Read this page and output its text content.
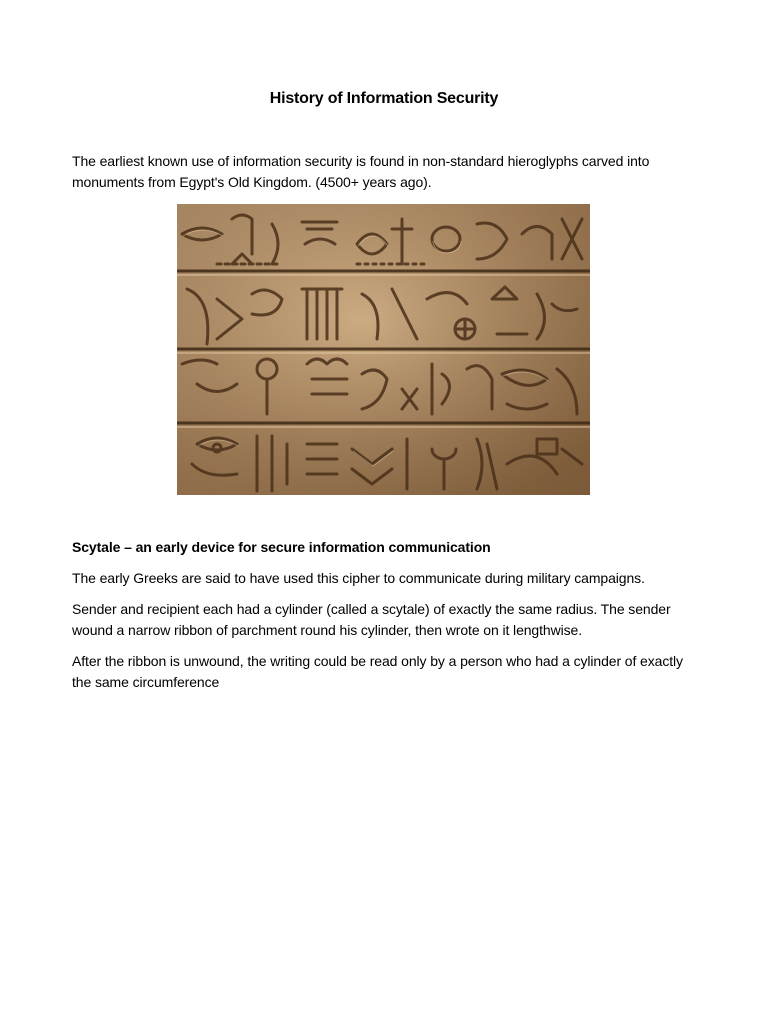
History of Information Security
The earliest known use of information security is found in non-standard hieroglyphs carved into monuments from Egypt's Old Kingdom. (4500+ years ago).
Scytale – an early device for secure information communication
The early Greeks are said to have used this cipher to communicate during military campaigns.
Sender and recipient each had a cylinder (called a scytale) of exactly the same radius. The sender wound a narrow ribbon of parchment round his cylinder, then wrote on it lengthwise.
After the ribbon is unwound, the writing could be read only by a person who had a cylinder of exactly the same circumference
